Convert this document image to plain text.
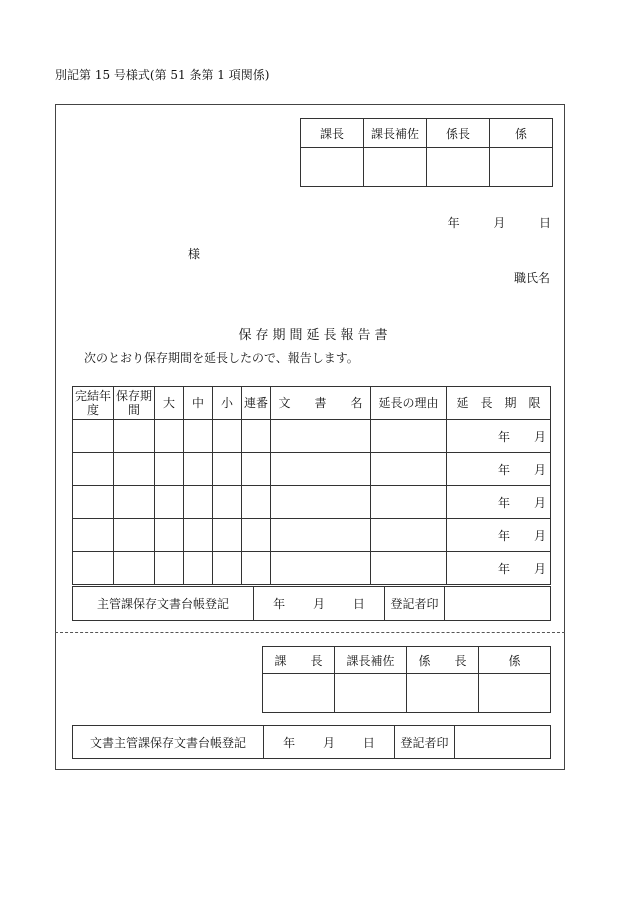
別記第 15 号様式(第 51 条第 1 項関係)
課長	課長補佐	係長	係

年	月	日
様
職氏名
保存期間延長報告書
次のとおり保存期間を延長したので、報告します。
完結年度	保存期間	大	中	小	連番	文　　書　　名	延長の理由	延　長　期　限
								年　　 月
								年　　 月
								年　　 月
								年　　 月
								年　　 月
主管課保存文書台帳登記	年　　 月　　 日	登記者印	
課　　長	課長補佐	係　　長	係

文書主管課保存文書台帳登記	年　　 月　　 日	登記者印	
